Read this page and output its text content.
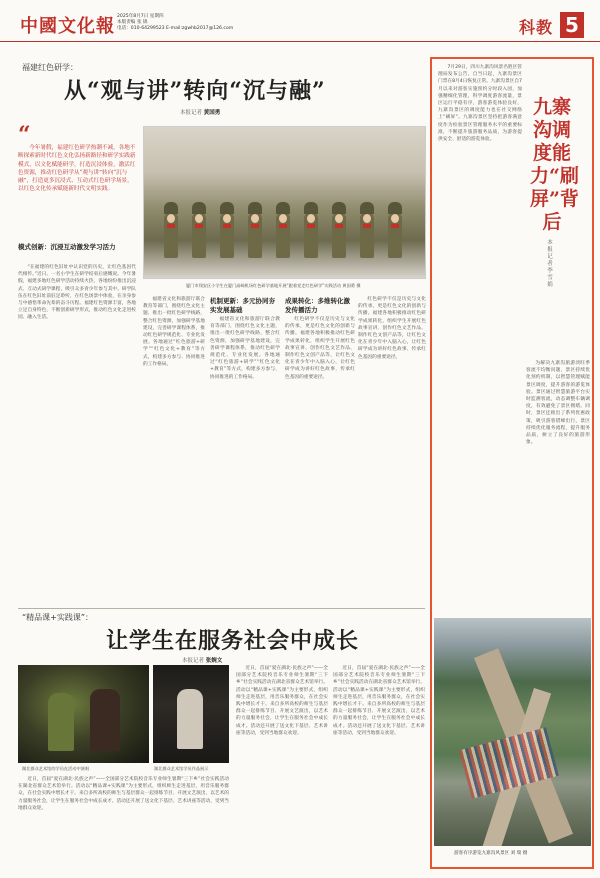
中國文化報 2025年8月7日 星期四
本版责编 张 锦
电话：010-64299523 E-mail:zgwhb2017@126.com	科教 5
福建红色研学：
从“观与讲”转向“沉与融”
本报记者 黄国勇
“

今年暑假，福建红色研学热潮不减，各地不断探索新时代红色文化弘扬新路径和研学实践新模式，以文化赋能研学，打造沉浸体验，激活红色资源，推动红色研学从“观与讲”转向“沉与融”，打造更多沉浸式、互动式红色研学场景，以红色文化传承赋能新时代文明实践。

厦门市翔安区小学生在厦门高崎机场红色研学基地开展“跟着党走红色研学”实践活动 黄国勇 摄
模式创新：沉浸互动激发学习活力
“在福建的红色旧址中认识党的历史，让红色基因代代相传。”近日，一名小学生在研学结束后感慨说。今年暑假，福建多地红色研学活动持续火热，各地纷纷推出沉浸式、互动式研学课程，吸引众多青少年参与其中。研学队伍在红色旧址前驻足聆听，在红色场景中体验，在亲身参与中感悟革命先辈的奋斗历程。福建红色资源丰富，各地立足自身特色，不断创新研学形式，推动红色文化走进校园、融入生活。
福建省文化和旅游厅联合教育等部门，围绕红色文化主题，推出一批红色研学线路，整合红色资源，加强研学基地建设，完善研学课程体系，推动红色研学规范化、专业化发展。各地通过“红色旅游+研学”“红色文化+教育”等方式，构建多方参与、协同推进的工作格局。
机制更新：多元协同夯实发展基础
福建省文化和旅游厅联合教育等部门，围绕红色文化主题，推出一批红色研学线路，整合红色资源，加强研学基地建设，完善研学课程体系，推动红色研学规范化、专业化发展。各地通过“红色旅游+研学”“红色文化+教育”等方式，构建多方参与、协同推进的工作格局。
成果转化：多维转化激发传播活力
红色研学不仅是历史与文化的传承，更是红色文化的创新与传播。福建各地积极推动红色研学成果转化，组织学生开展红色故事宣讲、创作红色文艺作品、制作红色文创产品等，让红色文化在青少年中入脑入心，让红色研学成为讲好红色故事、传承红色基因的重要途径。
红色研学不仅是历史与文化的传承，更是红色文化的创新与传播。福建各地积极推动红色研学成果转化，组织学生开展红色故事宣讲、创作红色文艺作品、制作红色文创产品等，让红色文化在青少年中入脑入心，让红色研学成为讲好红色故事、传承红色基因的重要途径。
“精品课+实践课”：
让学生在服务社会中成长
本报记者 张婉文
湖北群众艺术馆的学员在活动中演唱	湖北群众艺术馆学员作品展示
近日，首届“爱在湖北·民族之声”——全国部分艺术院校音乐专业师生暑期“三下乡”社会实践活动在湖北省群众艺术馆举行。活动以“精品课+实践课”为主要形式，组织师生走进基层，用音乐服务群众，在社会实践中增长才干。来自多所高校的师生与基层群众一起排练节目、开展文艺演出，以艺术的力量服务社会，让学生在服务社会中成长成才。活动还开展了送文化下基层、艺术讲座等活动，受到当地群众欢迎。
近日，首届“爱在湖北·民族之声”——全国部分艺术院校音乐专业师生暑期“三下乡”社会实践活动在湖北省群众艺术馆举行。活动以“精品课+实践课”为主要形式，组织师生走进基层，用音乐服务群众，在社会实践中增长才干。来自多所高校的师生与基层群众一起排练节目、开展文艺演出，以艺术的力量服务社会，让学生在服务社会中成长成才。活动还开展了送文化下基层、艺术讲座等活动，受到当地群众欢迎。
近日，首届“爱在湖北·民族之声”——全国部分艺术院校音乐专业师生暑期“三下乡”社会实践活动在湖北省群众艺术馆举行。活动以“精品课+实践课”为主要形式，组织师生走进基层，用音乐服务群众，在社会实践中增长才干。来自多所高校的师生与基层群众一起排练节目、开展文艺演出，以艺术的力量服务社会，让学生在服务社会中成长成才。活动还开展了送文化下基层、艺术讲座等活动，受到当地群众欢迎。
7月29日，四川九寨沟风景名胜区管理局发布公告，自当日起，九寨沟景区门票在8月4日恢复正常。九寨沟景区自7月以来对游客实施预约分时段入园，加强精细化管理，科学调度游客流量，景区运行平稳有序，游客游览体验良好，九寨沟景区的调度能力也在社交网络上“刷屏”。九寨沟景区坚持把游客满意度作为检验景区管理服务水平的重要标准，不断提升旅游服务品质，为游客提供安全、舒适的游览体验。
九寨沟调度能力“刷屏”背后
本报记者 李雪娟
为解决九寨沟旅游淡旺季客流不均衡问题，景区持续优化预约机制，以智慧管理赋能景区调度，提升游客的游览体验。景区通过智慧旅游平台实时监测客流，动态调整车辆调度，有效避免了景区拥堵。同时，景区还推出了系列优惠政策，吸引游客错峰出行，景区持续优化服务流程，提升服务品质，树立了良好的旅游形象。
游客有序游览九寨沟风景区 刘 瑞 摄
